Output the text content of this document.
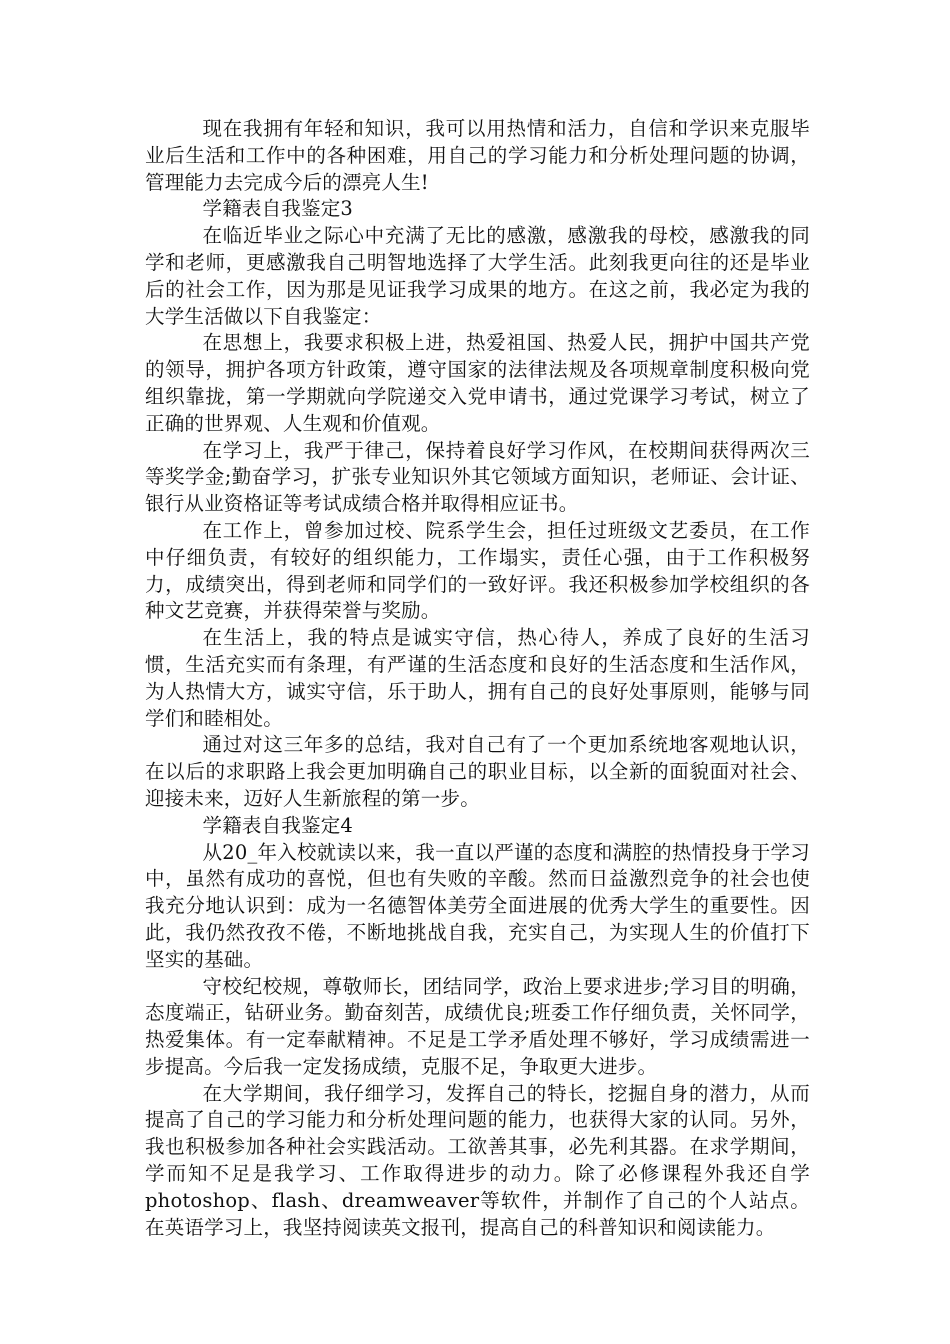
现在我拥有年轻和知识，我可以用热情和活力，自信和学识来克服毕业后生活和工作中的各种困难，用自己的学习能力和分析处理问题的协调，管理能力去完成今后的漂亮人生!

学籍表自我鉴定3

在临近毕业之际心中充满了无比的感激，感激我的母校，感激我的同学和老师，更感激我自己明智地选择了大学生活。此刻我更向往的还是毕业后的社会工作，因为那是见证我学习成果的地方。在这之前，我必定为我的大学生活做以下自我鉴定：

在思想上，我要求积极上进，热爱祖国、热爱人民，拥护中国共产党的领导，拥护各项方针政策，遵守国家的法律法规及各项规章制度积极向党组织靠拢，第一学期就向学院递交入党申请书，通过党课学习考试，树立了正确的世界观、人生观和价值观。

在学习上，我严于律己，保持着良好学习作风，在校期间获得两次三等奖学金;勤奋学习，扩张专业知识外其它领域方面知识，老师证、会计证、银行从业资格证等考试成绩合格并取得相应证书。

在工作上，曾参加过校、院系学生会，担任过班级文艺委员，在工作中仔细负责，有较好的组织能力，工作塌实，责任心强，由于工作积极努力，成绩突出，得到老师和同学们的一致好评。我还积极参加学校组织的各种文艺竞赛，并获得荣誉与奖励。

在生活上，我的特点是诚实守信，热心待人，养成了良好的生活习惯，生活充实而有条理，有严谨的生活态度和良好的生活态度和生活作风，为人热情大方，诚实守信，乐于助人，拥有自己的良好处事原则，能够与同学们和睦相处。

通过对这三年多的总结，我对自己有了一个更加系统地客观地认识，在以后的求职路上我会更加明确自己的职业目标，以全新的面貌面对社会、迎接未来，迈好人生新旅程的第一步。

学籍表自我鉴定4

从20_年入校就读以来，我一直以严谨的态度和满腔的热情投身于学习中，虽然有成功的喜悦，但也有失败的辛酸。然而日益激烈竞争的社会也使我充分地认识到：成为一名德智体美劳全面进展的优秀大学生的重要性。因此，我仍然孜孜不倦，不断地挑战自我，充实自己，为实现人生的价值打下坚实的基础。

守校纪校规，尊敬师长，团结同学，政治上要求进步;学习目的明确，态度端正，钻研业务。勤奋刻苦，成绩优良;班委工作仔细负责，关怀同学，热爱集体。有一定奉献精神。不足是工学矛盾处理不够好，学习成绩需进一步提高。今后我一定发扬成绩，克服不足，争取更大进步。

在大学期间，我仔细学习，发挥自己的特长，挖掘自身的潜力，从而提高了自己的学习能力和分析处理问题的能力，也获得大家的认同。另外，我也积极参加各种社会实践活动。工欲善其事，必先利其器。在求学期间，学而知不足是我学习、工作取得进步的动力。除了必修课程外我还自学photoshop、flash、dreamweaver等软件，并制作了自己的个人站点。在英语学习上，我坚持阅读英文报刊，提高自己的科普知识和阅读能力。
